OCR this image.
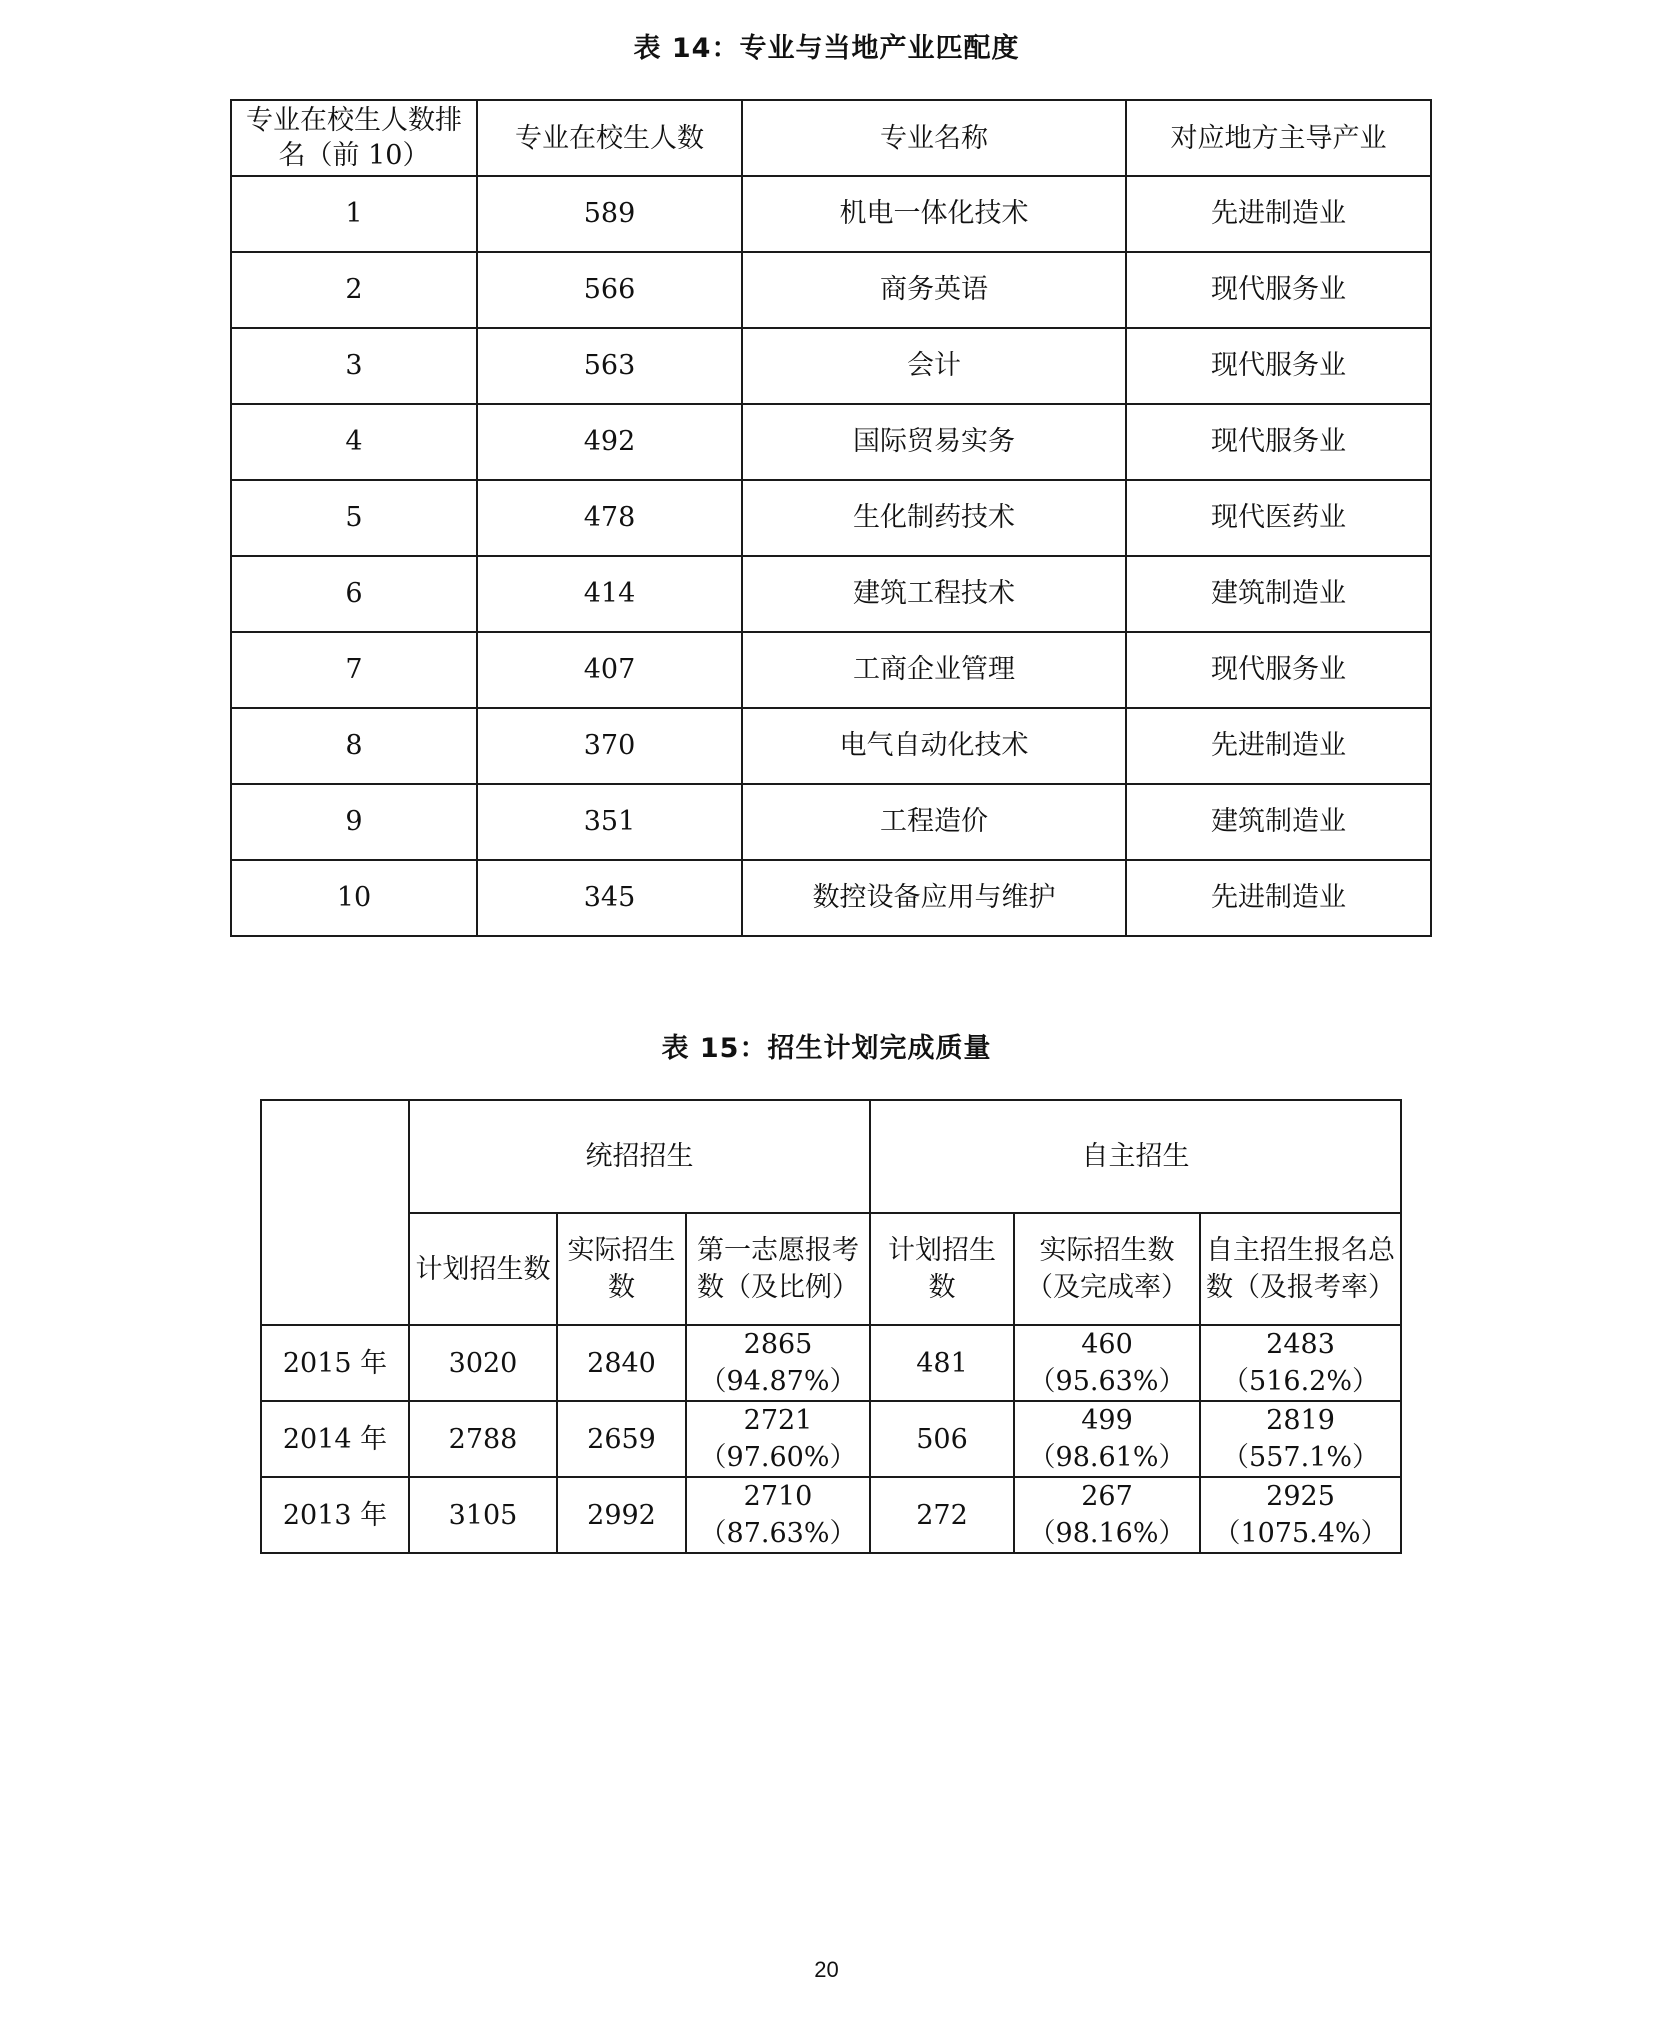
表 14：专业与当地产业匹配度
专业在校生人数排名（前 10）	专业在校生人数	专业名称	对应地方主导产业
1	589	机电一体化技术	先进制造业
2	566	商务英语	现代服务业
3	563	会计	现代服务业
4	492	国际贸易实务	现代服务业
5	478	生化制药技术	现代医药业
6	414	建筑工程技术	建筑制造业
7	407	工商企业管理	现代服务业
8	370	电气自动化技术	先进制造业
9	351	工程造价	建筑制造业
10	345	数控设备应用与维护	先进制造业
表 15：招生计划完成质量
	统招招生			自主招生		
	计划招生数	实际招生数	第一志愿报考数（及比例）	计划招生数	实际招生数（及完成率）	自主招生报名总数（及报考率）
2015 年	3020	2840	2865（94.87%）	481	460（95.63%）	2483（516.2%）
2014 年	2788	2659	2721（97.60%）	506	499（98.61%）	2819（557.1%）
2013 年	3105	2992	2710（87.63%）	272	267（98.16%）	2925（1075.4%）
20
